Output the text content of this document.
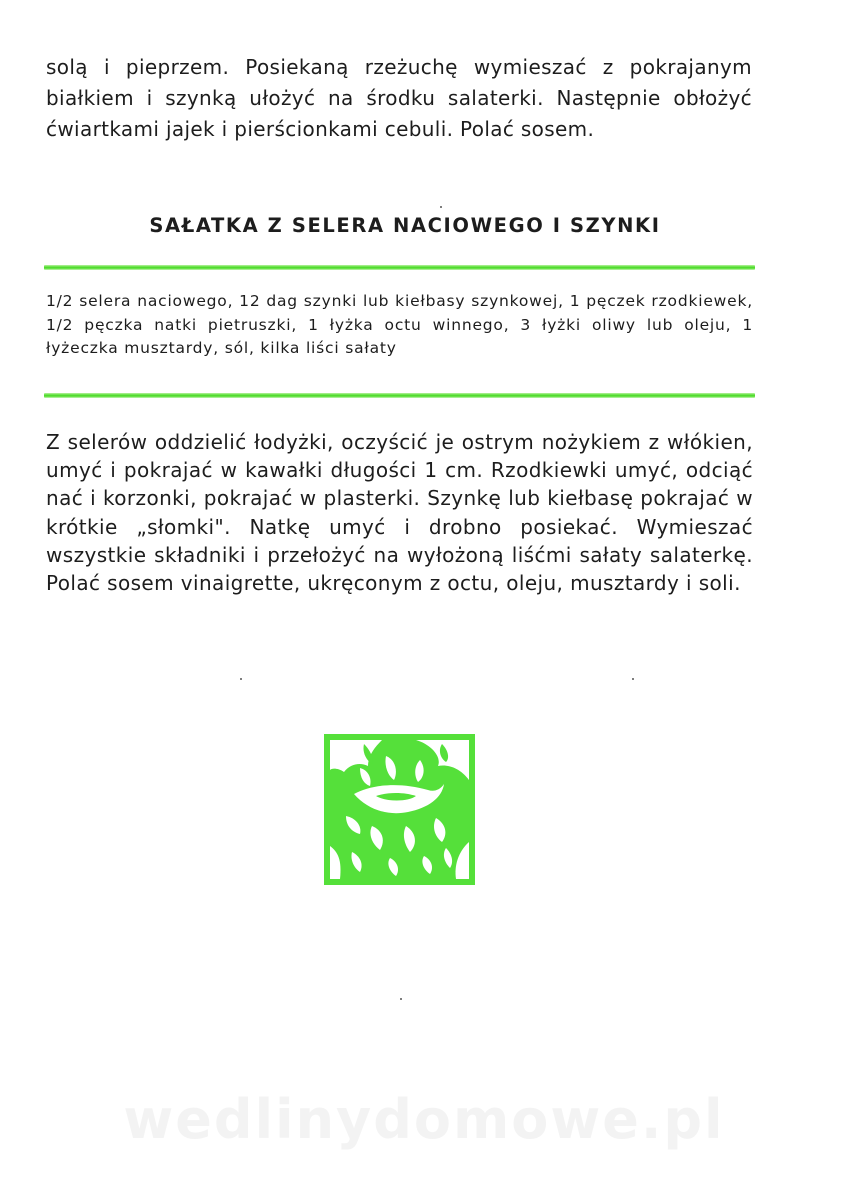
solą i pieprzem. Posiekaną rzeżuchę wymieszać z pokrajanym białkiem i szynką ułożyć na środku salaterki. Następnie obłożyć ćwiartkami jajek i pierścionkami cebuli. Polać sosem.

SAŁATKA Z SELERA NACIOWEGO I SZYNKI

1/2 selera naciowego, 12 dag szynki lub kiełbasy szynkowej, 1 pęczek rzodkiewek, 1/2 pęczka natki pietruszki, 1 łyżka octu winnego, 3 łyżki oliwy lub oleju, 1 łyżeczka musztardy, sól, kilka liści sałaty

Z selerów oddzielić łodyżki, oczyścić je ostrym nożykiem z włókien, umyć i pokrajać w kawałki długości 1 cm. Rzodkiewki umyć, odciąć nać i korzonki, pokrajać w plasterki. Szynkę lub kiełbasę pokrajać w krótkie „słomki". Natkę umyć i drobno posiekać. Wymieszać wszystkie składniki i przełożyć na wyłożoną liśćmi sałaty salaterkę. Polać sosem vinaigrette, ukręconym z octu, oleju, musztardy i soli.

wedlinydomowe.pl
